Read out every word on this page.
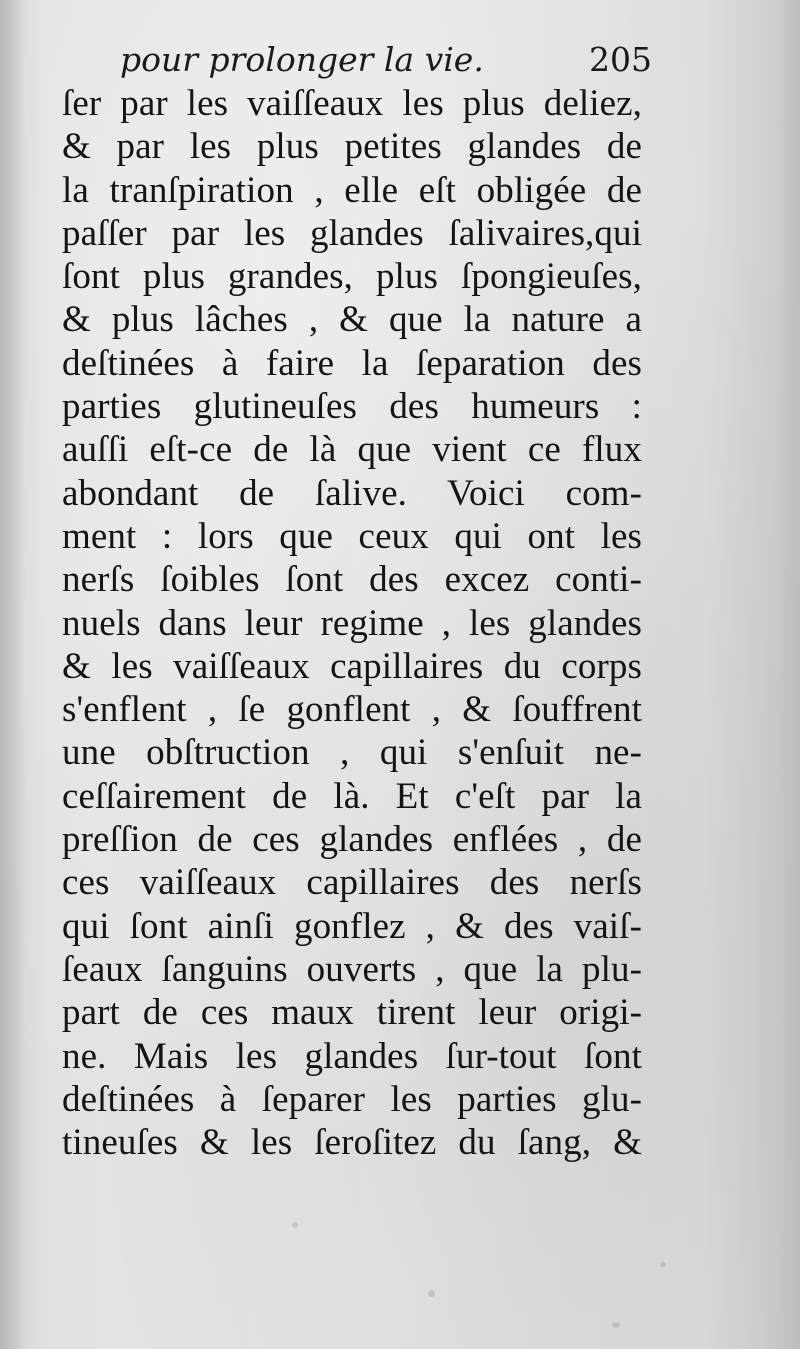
pour prolonger la vie.	205
ſer par les vaiſſeaux les plus deliez,
& par les plus petites glandes de
la tranſpiration , elle eſt obligée de
paſſer par les glandes ſalivaires,qui
ſont plus grandes, plus ſpongieuſes,
& plus lâches , & que la nature a
deſtinées à faire la ſeparation des
parties glutineuſes des humeurs :
auſſi eſt-ce de là que vient ce flux
abondant de ſalive. Voici com-
ment : lors que ceux qui ont les
nerſs ſoibles ſont des excez conti-
nuels dans leur regime , les glandes
& les vaiſſeaux capillaires du corps
s'enflent , ſe gonflent , & ſouffrent
une obſtruction , qui s'enſuit ne-
ceſſairement de là. Et c'eſt par la
preſſion de ces glandes enflées , de
ces vaiſſeaux capillaires des nerſs
qui ſont ainſi gonflez , & des vaiſ-
ſeaux ſanguins ouverts , que la plu-
part de ces maux tirent leur origi-
ne. Mais les glandes ſur-tout ſont
deſtinées à ſeparer les parties glu-
tineuſes & les ſeroſitez du ſang, &
